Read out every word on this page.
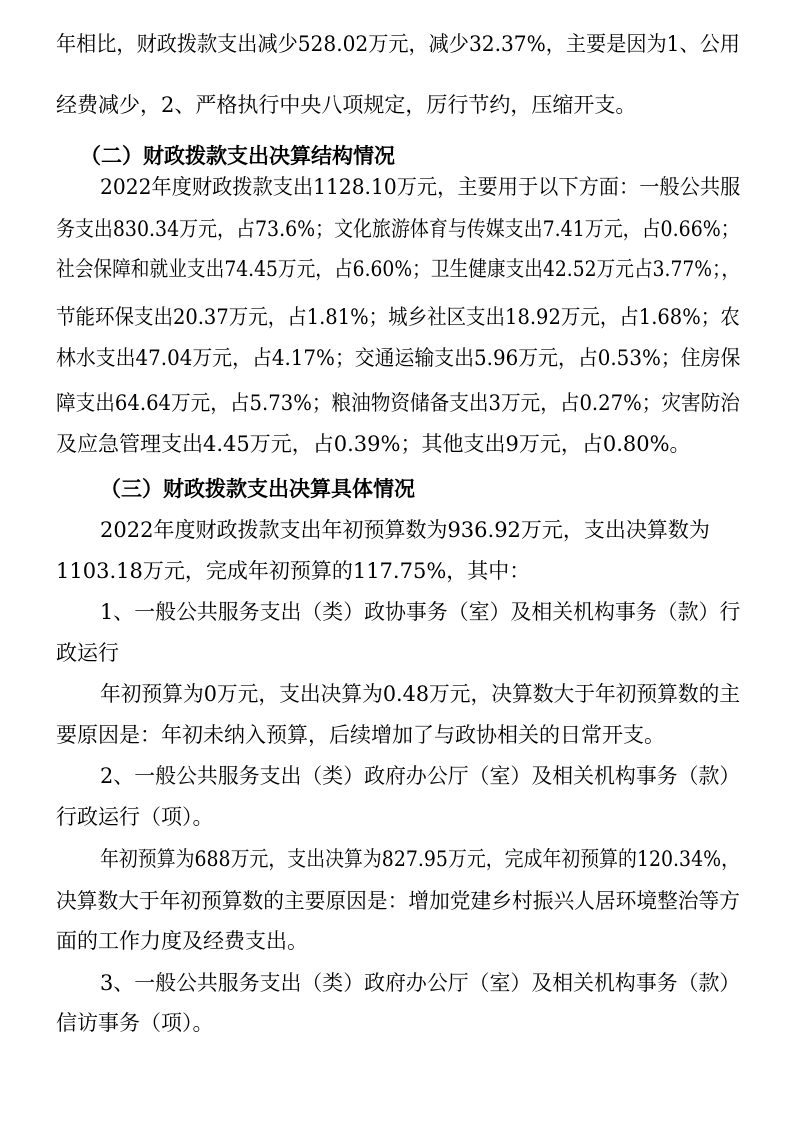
年相比，财政拨款支出减少528.02万元，减少32.37%，主要是因为1、公用
经费减少，2、严格执行中央八项规定，厉行节约，压缩开支。
（二）财政拨款支出决算结构情况
2022年度财政拨款支出1128.10万元，主要用于以下方面：一般公共服
务支出830.34万元，占73.6%；文化旅游体育与传媒支出7.41万元，占0.66%；
社会保障和就业支出74.45万元，占6.60%；卫生健康支出42.52万元占3.77%；，
节能环保支出20.37万元，占1.81%；城乡社区支出18.92万元，占1.68%；农
林水支出47.04万元，占4.17%；交通运输支出5.96万元，占0.53%；住房保
障支出64.64万元，占5.73%；粮油物资储备支出3万元，占0.27%；灾害防治
及应急管理支出4.45万元，占0.39%；其他支出9万元，占0.80%。
（三）财政拨款支出决算具体情况
2022年度财政拨款支出年初预算数为936.92万元，支出决算数为
1103.18万元，完成年初预算的117.75%，其中：
1、一般公共服务支出（类）政协事务（室）及相关机构事务（款）行
政运行
年初预算为0万元，支出决算为0.48万元，决算数大于年初预算数的主
要原因是：年初未纳入预算，后续增加了与政协相关的日常开支。
2、一般公共服务支出（类）政府办公厅（室）及相关机构事务（款）
行政运行（项）。
年初预算为688万元，支出决算为827.95万元，完成年初预算的120.34%，
决算数大于年初预算数的主要原因是：增加党建乡村振兴人居环境整治等方
面的工作力度及经费支出。
3、一般公共服务支出（类）政府办公厅（室）及相关机构事务（款）
信访事务（项）。
